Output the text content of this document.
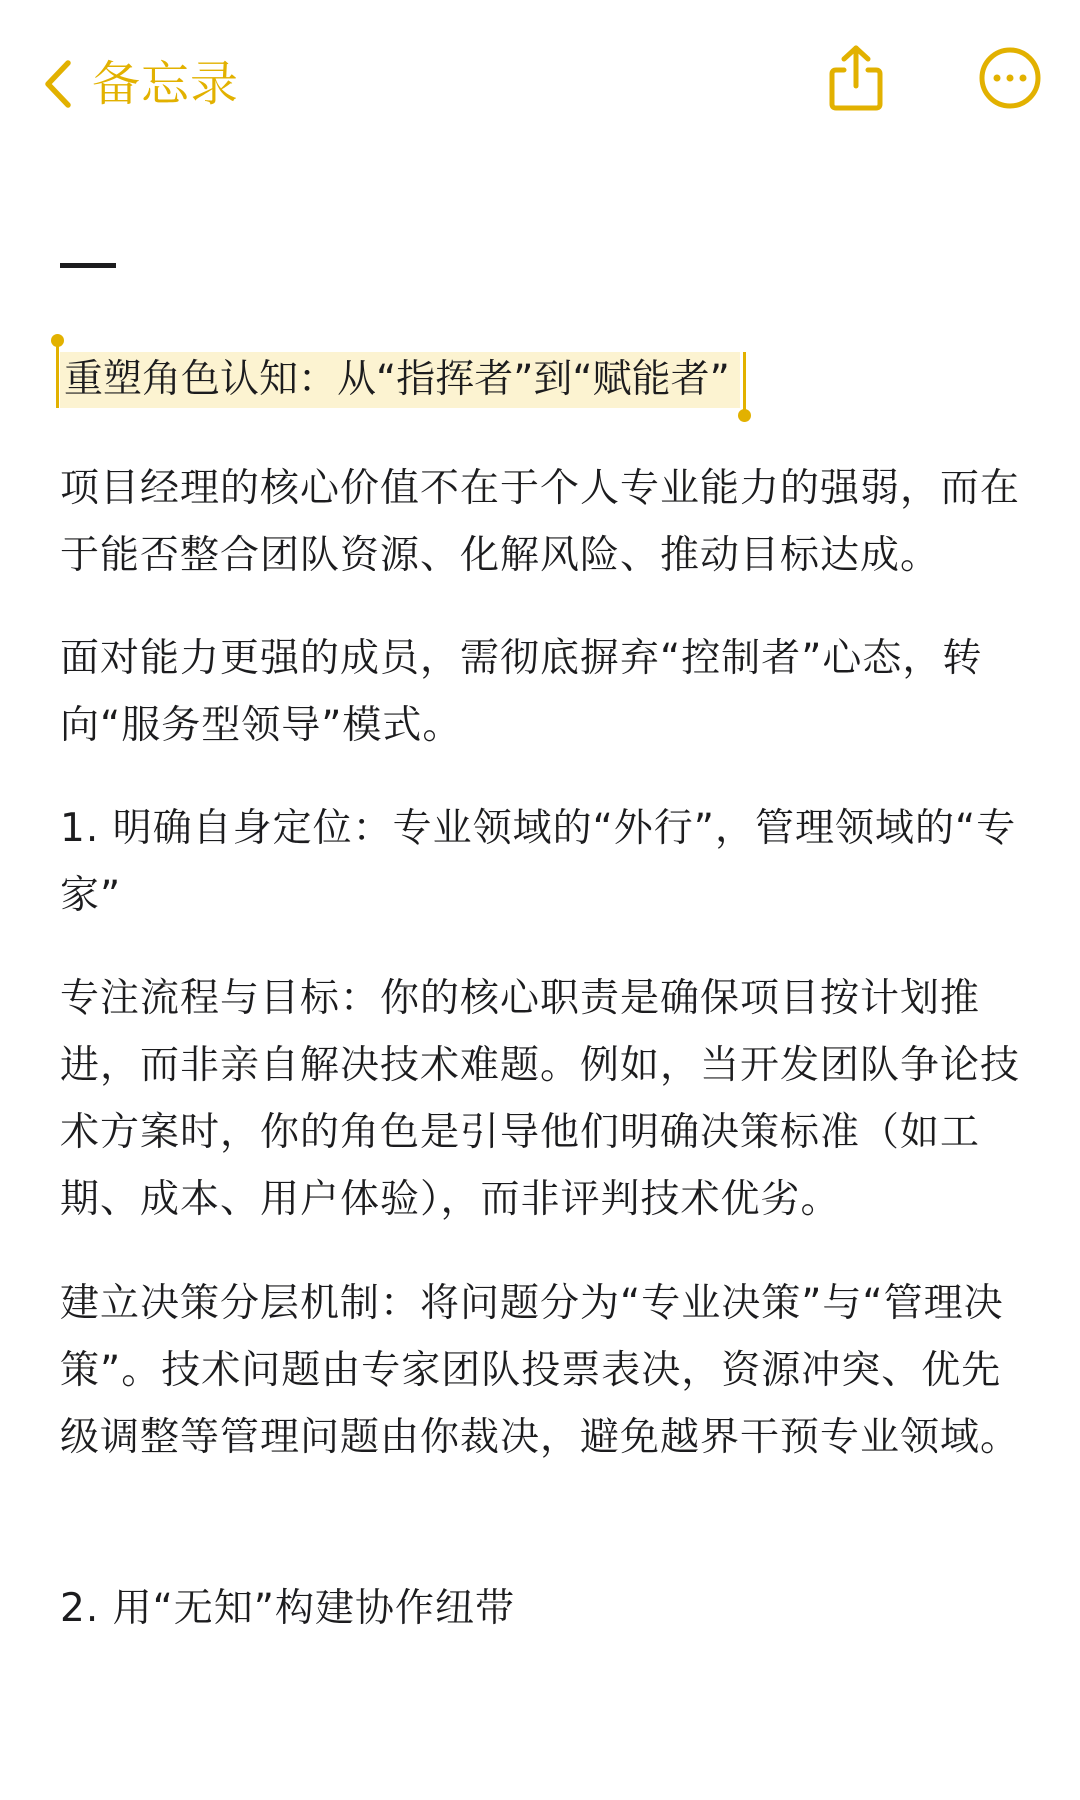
备忘录
重塑角色认知：从“指挥者”到“赋能者”

项目经理的核心价值不在于个人专业能力的强弱，而在于能否整合团队资源、化解风险、推动目标达成。

面对能力更强的成员，需彻底摒弃“控制者”心态，转向“服务型领导”模式。

1. 明确自身定位：专业领域的“外行”，管理领域的“专家”

专注流程与目标：你的核心职责是确保项目按计划推进，而非亲自解决技术难题。例如，当开发团队争论技术方案时，你的角色是引导他们明确决策标准（如工期、成本、用户体验），而非评判技术优劣。

建立决策分层机制：将问题分为“专业决策”与“管理决策”。技术问题由专家团队投票表决，资源冲突、优先级调整等管理问题由你裁决，避免越界干预专业领域。

2. 用“无知”构建协作纽带
